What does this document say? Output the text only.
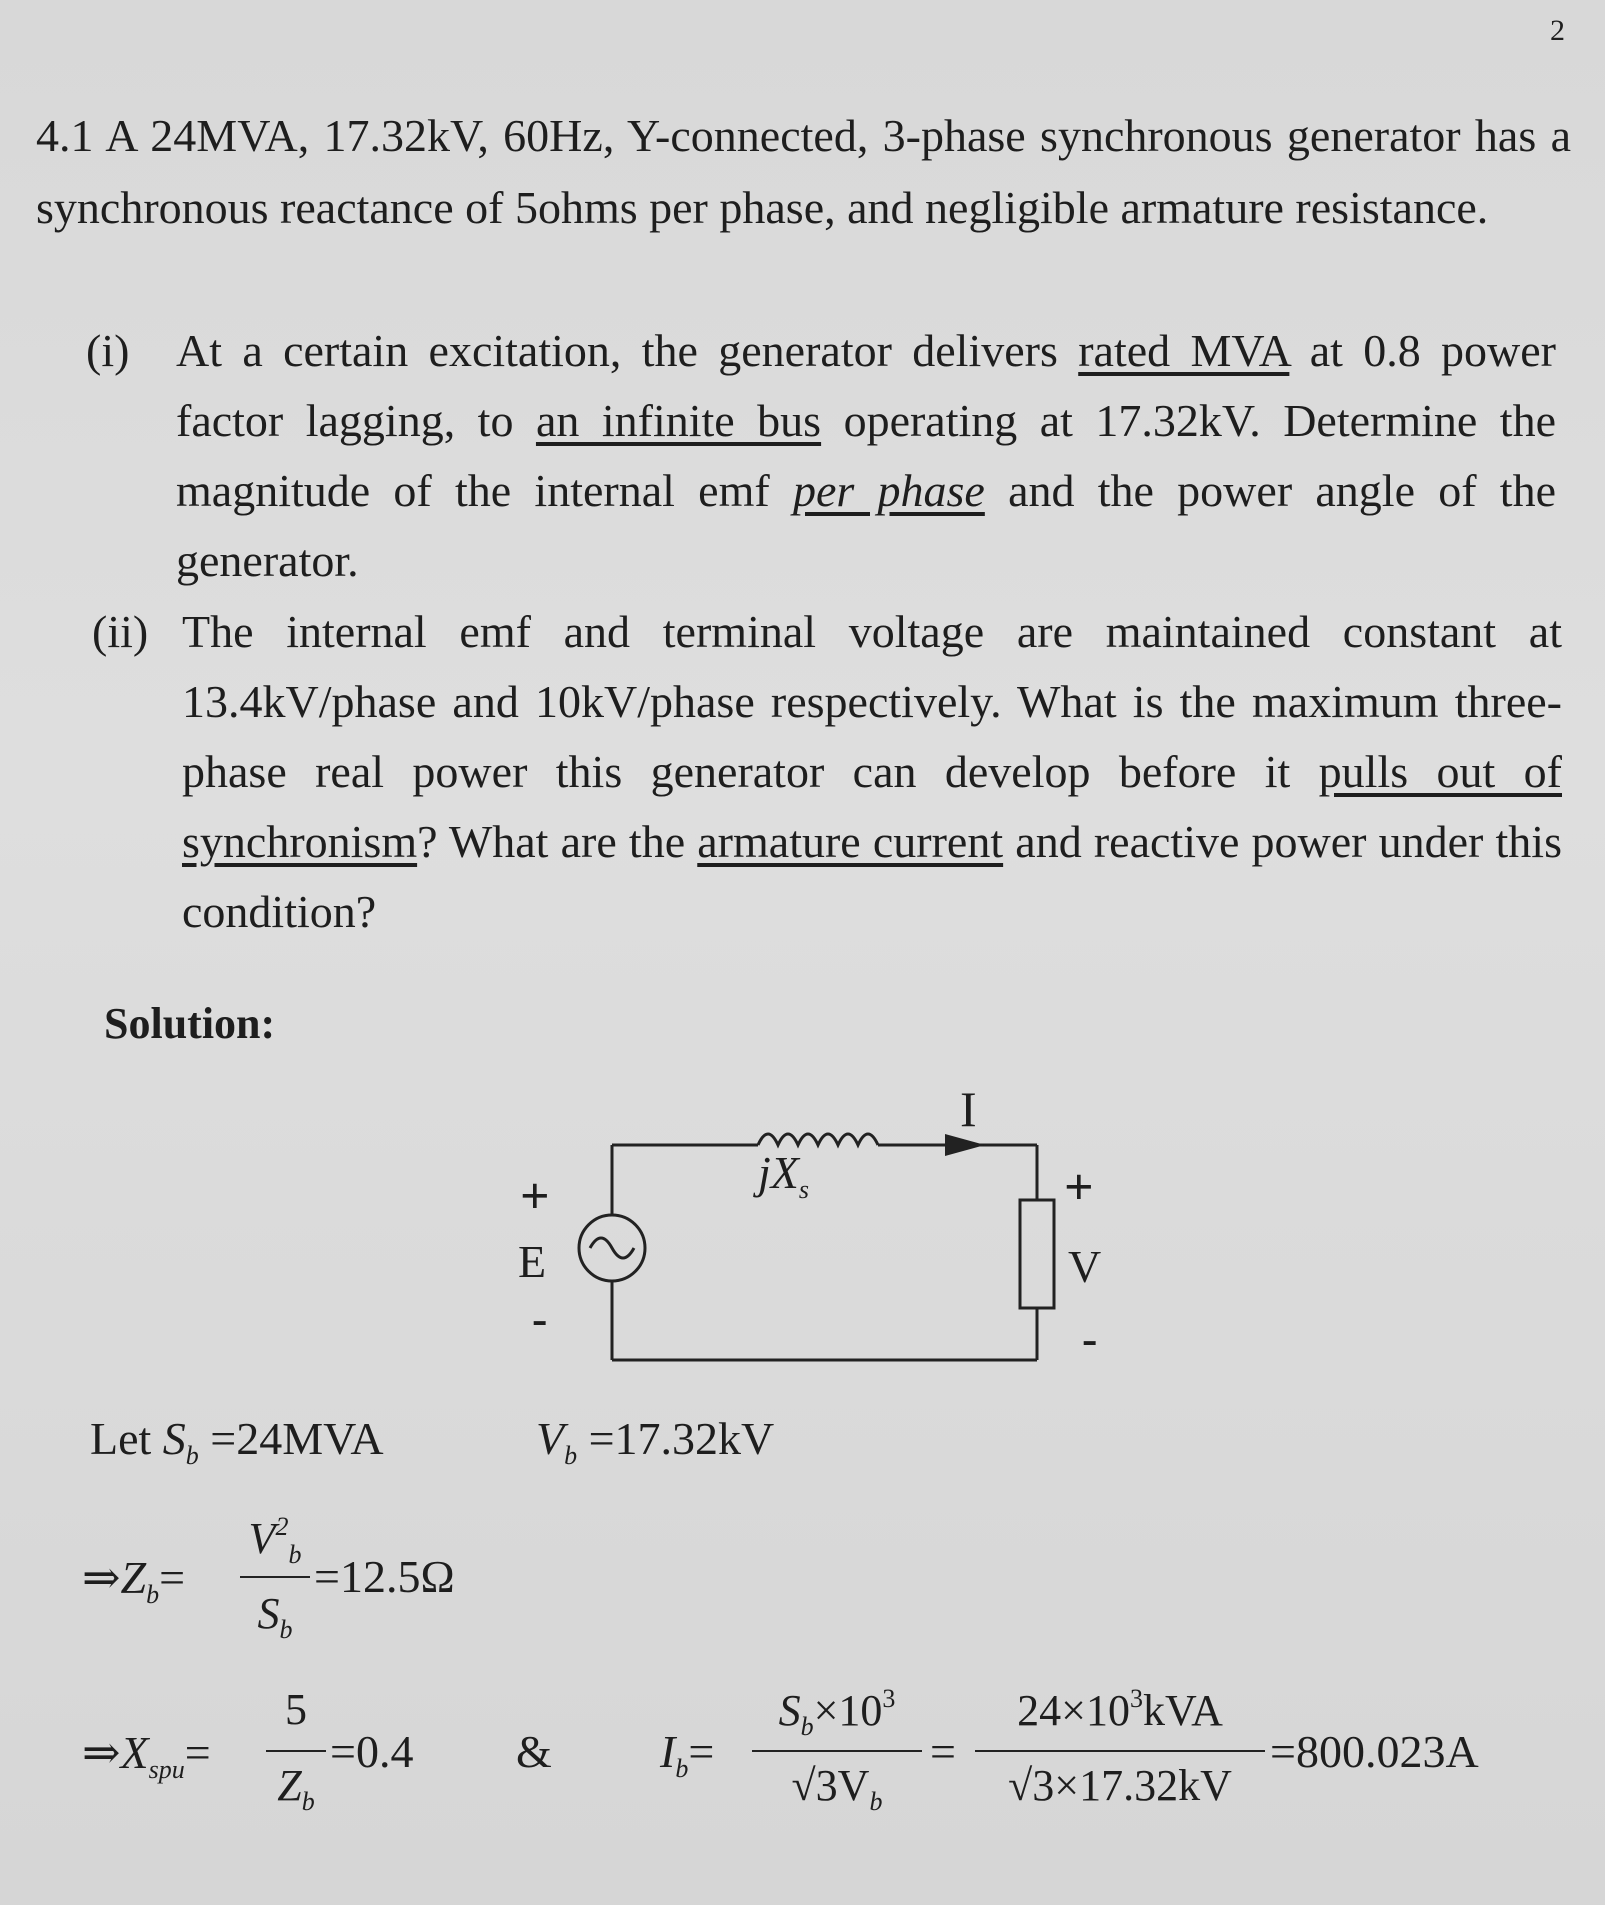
2

4.1 A 24MVA, 17.32kV, 60Hz, Y-connected, 3-phase synchronous generator has a synchronous reactance of 5ohms per phase, and negligible armature resistance.

(i) At a certain excitation, the generator delivers rated MVA at 0.8 power factor lagging, to an infinite bus operating at 17.32kV. Determine the magnitude of the internal emf per phase and the power angle of the generator.
(ii) The internal emf and terminal voltage are maintained constant at 13.4kV/phase and 10kV/phase respectively. What is the maximum three-phase real power this generator can develop before it pulls out of synchronism? What are the armature current and reactive power under this condition?
Solution:
$jX_s$
I
+
E
-
+
V
-
Let $S_b =24MVA$	$V_b =17.32kV$
$\Rightarrow Z_b=$
$V^2_b$
$S_b$
=12.5Ω
$\Rightarrow X_{spu}=$
5
$Z_b$
=0.4 & $I_b=$
$S_b\times 10^3$
$√3V_b$
=
$24\times 10^3kVA$
√3×17.32kV
=800.023A
